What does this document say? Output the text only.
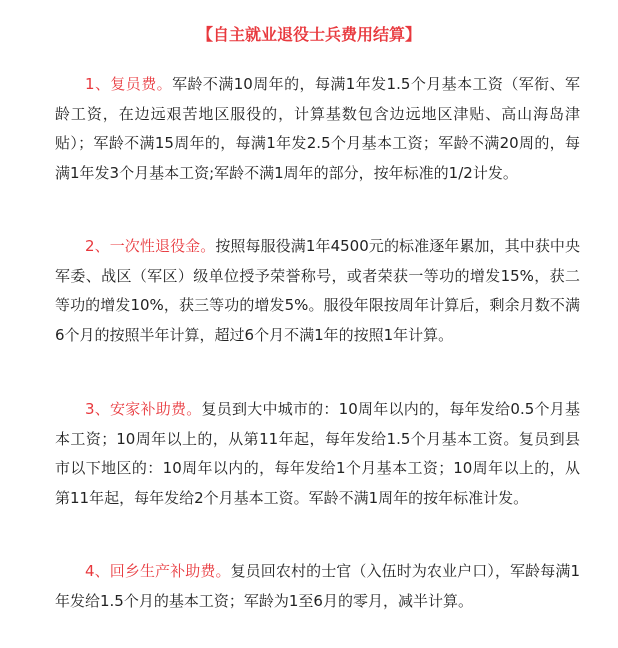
【自主就业退役士兵费用结算】

1、复员费。军龄不满10周年的，每满1年发1.5个月基本工资（军衔、军龄工资，在边远艰苦地区服役的，计算基数包含边远地区津贴、高山海岛津贴）；军龄不满15周年的，每满1年发2.5个月基本工资；军龄不满20周的，每满1年发3个月基本工资;军龄不满1周年的部分，按年标准的1/2计发。

2、一次性退役金。按照每服役满1年4500元的标准逐年累加，其中获中央军委、战区（军区）级单位授予荣誉称号，或者荣获一等功的增发15%，获二等功的增发10%，获三等功的增发5%。服役年限按周年计算后，剩余月数不满6个月的按照半年计算，超过6个月不满1年的按照1年计算。

3、安家补助费。复员到大中城市的：10周年以内的，每年发给0.5个月基本工资；10周年以上的，从第11年起，每年发给1.5个月基本工资。复员到县市以下地区的：10周年以内的，每年发给1个月基本工资；10周年以上的，从第11年起，每年发给2个月基本工资。军龄不满1周年的按年标准计发。

4、回乡生产补助费。复员回农村的士官（入伍时为农业户口），军龄每满1年发给1.5个月的基本工资；军龄为1至6月的零月，减半计算。
